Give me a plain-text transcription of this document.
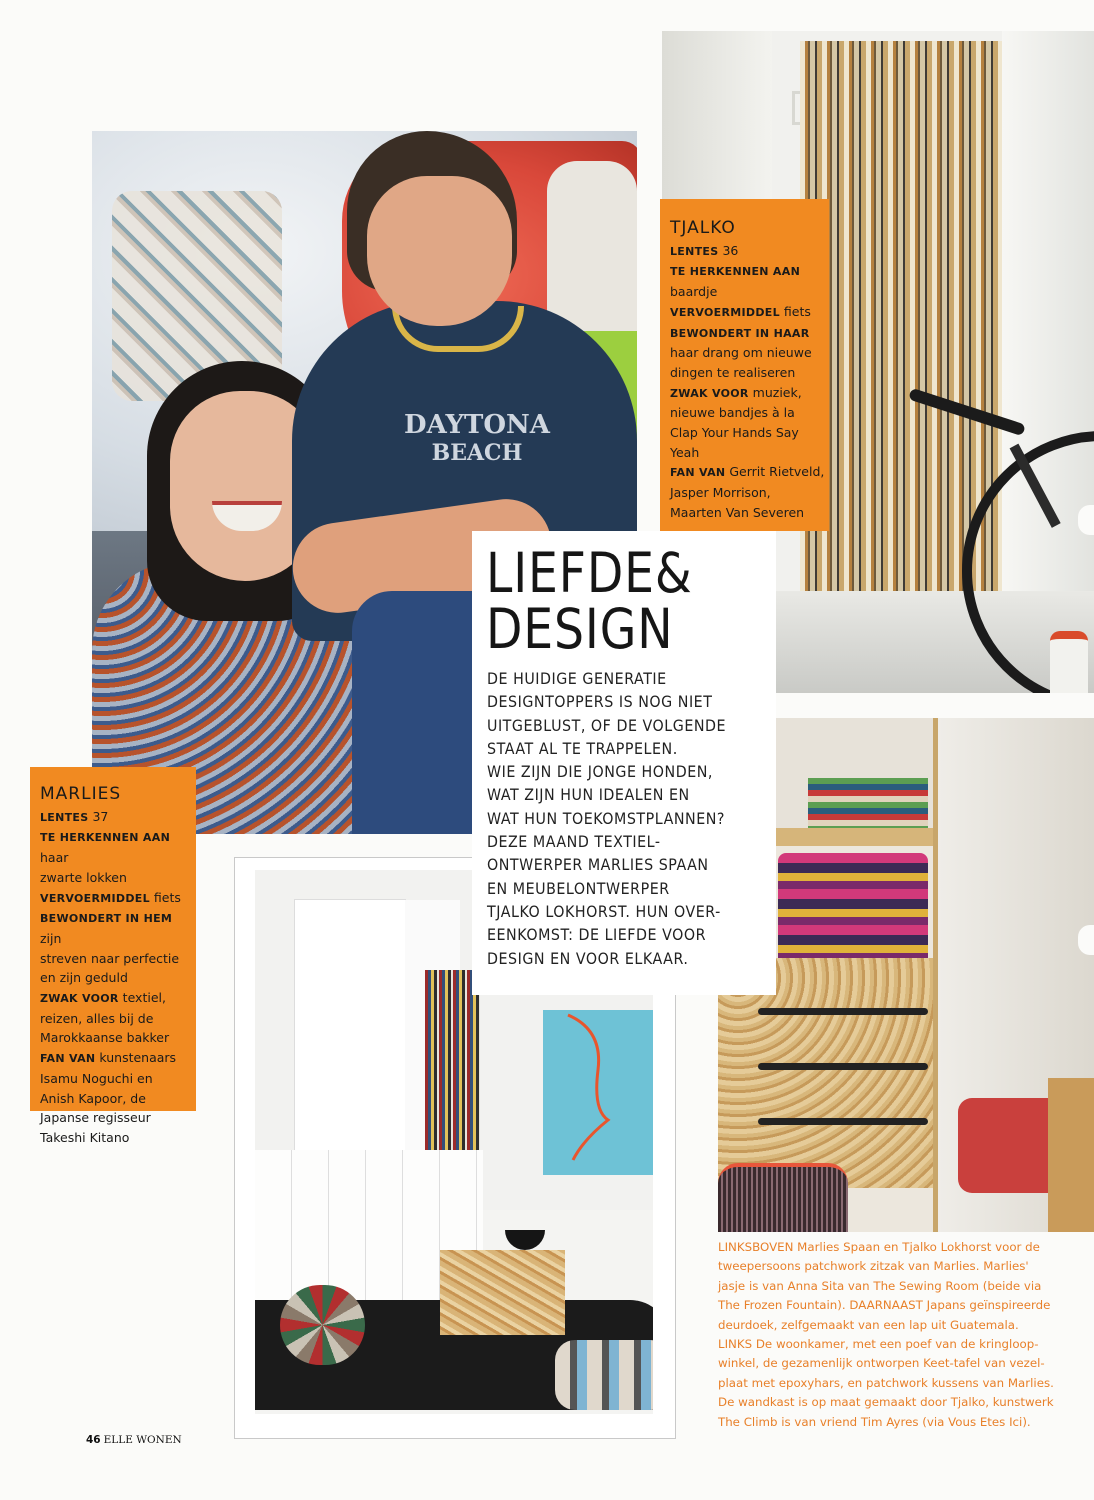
DAYTONA
BEACH
TJALKO
LENTES 36
TE HERKENNEN AAN
baardje
VERVOERMIDDEL fiets
BEWONDERT IN HAAR
haar drang om nieuwe
dingen te realiseren
ZWAK VOOR muziek,
nieuwe bandjes à la
Clap Your Hands Say
Yeah
FAN VAN Gerrit Rietveld,
Jasper Morrison,
Maarten Van Severen
MARLIES
LENTES 37
TE HERKENNEN AAN haar
zwarte lokken
VERVOERMIDDEL fiets
BEWONDERT IN HEM zijn
streven naar perfectie
en zijn geduld
ZWAK VOOR textiel,
reizen, alles bij de
Marokkaanse bakker
FAN VAN kunstenaars
Isamu Noguchi en
Anish Kapoor, de
Japanse regisseur
Takeshi Kitano
LIEFDE&
DESIGN

DE HUIDIGE GENERATIE
DESIGNTOPPERS IS NOG NIET
UITGEBLUST, OF DE VOLGENDE
STAAT AL TE TRAPPELEN.
WIE ZIJN DIE JONGE HONDEN,
WAT ZIJN HUN IDEALEN EN
WAT HUN TOEKOMSTPLANNEN?
DEZE MAAND TEXTIEL-
ONTWERPER MARLIES SPAAN
EN MEUBELONTWERPER
TJALKO LOKHORST. HUN OVER-
EENKOMST: DE LIEFDE VOOR
DESIGN EN VOOR ELKAAR.

LINKSBOVEN Marlies Spaan en Tjalko Lokhorst voor de
tweepersoons patchwork zitzak van Marlies. Marlies'
jasje is van Anna Sita van The Sewing Room (beide via
The Frozen Fountain). DAARNAAST Japans geïnspireerde
deurdoek, zelfgemaakt van een lap uit Guatemala.
LINKS De woonkamer, met een poef van de kringloop-
winkel, de gezamenlijk ontworpen Keet-tafel van vezel-
plaat met epoxyhars, en patchwork kussens van Marlies.
De wandkast is op maat gemaakt door Tjalko, kunstwerk
The Climb is van vriend Tim Ayres (via Vous Etes Ici).

46 ELLE WONEN
